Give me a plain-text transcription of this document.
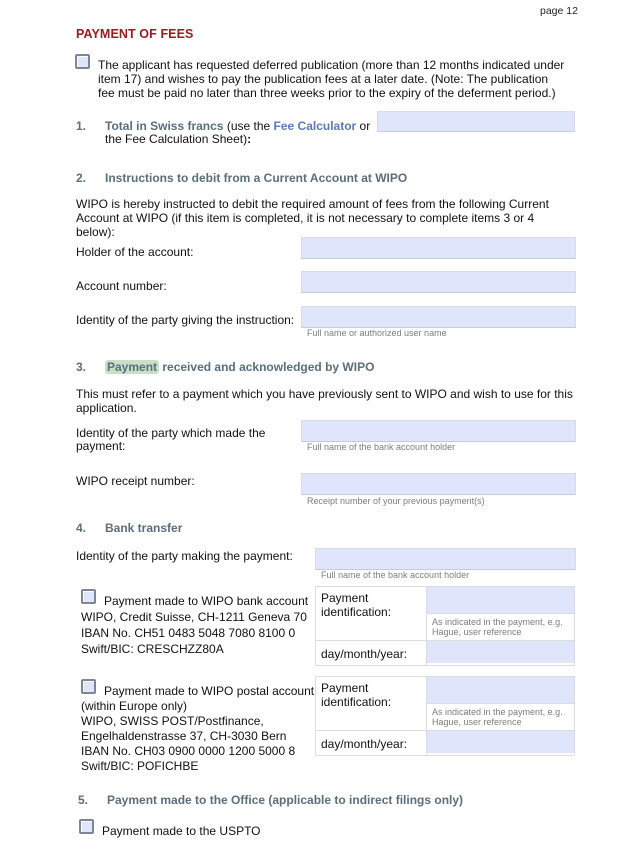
page 12
PAYMENT OF FEES
The applicant has requested deferred publication (more than 12 months indicated under item 17) and wishes to pay the publication fees at a later date. (Note: The publication fee must be paid no later than three weeks prior to the expiry of the deferment period.)
1. Total in Swiss francs (use the Fee Calculator or
the Fee Calculation Sheet):
2. Instructions to debit from a Current Account at WIPO
WIPO is hereby instructed to debit the required amount of fees from the following Current Account at WIPO (if this item is completed, it is not necessary to complete items 3 or 4 below):
Holder of the account:
Account number:
Identity of the party giving the instruction:
Full name or authorized user name
3. Payment received and acknowledged by WIPO
This must refer to a payment which you have previously sent to WIPO and wish to use for this application.
Identity of the party which made the payment:	Full name of the bank account holder
WIPO receipt number:
Receipt number of your previous payment(s)
4. Bank transfer
Identity of the party making the payment:
Full name of the bank account holder
Payment made to WIPO bank account
WIPO, Credit Suisse, CH-1211 Geneva 70
IBAN No. CH51 0483 5048 7080 8100 0
Swift/BIC: CRESCHZZ80A
Payment identification:	
As indicated in the payment, e.g. Hague, user reference

day/month/year:	
Payment made to WIPO postal account
(within Europe only)
WIPO, SWISS POST/Postfinance,
Engelhaldenstrasse 37, CH-3030 Bern
IBAN No. CH03 0900 0000 1200 5000 8
Swift/BIC: POFICHBE
Payment identification:	
As indicated in the payment, e.g. Hague, user reference

day/month/year:	
5. Payment made to the Office (applicable to indirect filings only)
Payment made to the USPTO
